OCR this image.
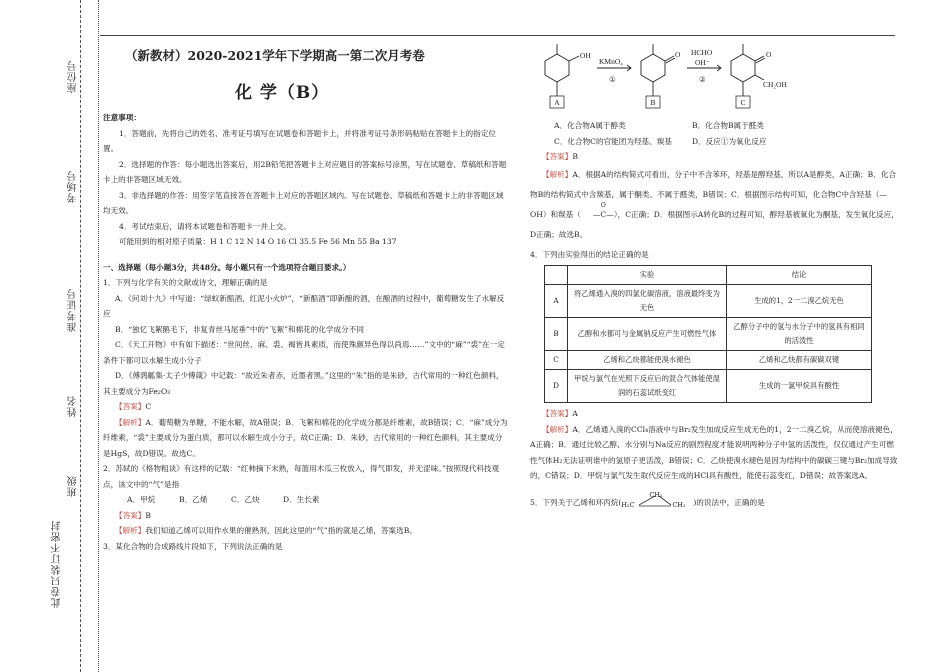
座位号
考场号
准考证号
姓名
班级
此卷只装订不密封
（新教材）2020-2021学年下学期高一第二次月考卷
化 学（B）

注意事项：

1．答题前，先将自己的姓名、准考证号填写在试题卷和答题卡上，并将准考证号条形码粘贴在答题卡上的指定位置。

2．选择题的作答：每小题选出答案后，用2B铅笔把答题卡上对应题目的答案标号涂黑，写在试题卷、草稿纸和答题卡上的非答题区域无效。

3．非选择题的作答：用签字笔直接答在答题卡上对应的答题区域内。写在试题卷、草稿纸和答题卡上的非答题区域均无效。

4．考试结束后，请将本试题卷和答题卡一并上交。

可能用到的相对原子质量：H 1 C 12 N 14 O 16 Cl 35.5 Fe 56 Mn 55 Ba 137

一、选择题（每小题3分，共48分。每小题只有一个选项符合题目要求。）

1．下列与化学有关的文献或诗文，理解正确的是

A．《问刘十九》中写道：“绿蚁新醅酒，红泥小火炉”，“新醅酒”即新酿的酒，在酿酒的过程中，葡萄糖发生了水解反应

B．“独忆飞絮鹅毛下，非复青丝马尾垂”中的“飞絮”和棉花的化学成分不同

C．《天工开物》中有如下描述：“世间丝、麻、裘、褐皆具素质，而使殊颜异色得以尚焉……”文中的“麻”“裘”在一定条件下都可以水解生成小分子

D．《傅鹑觚集·太子少傅箴》中记载：“故近朱者赤，近墨者黑。”这里的“朱”指的是朱砂，古代常用的一种红色颜料，其主要成分为Fe₂O₃

【答案】C

【解析】A．葡萄糖为单糖，不能水解，故A错误；B．飞絮和棉花的化学成分都是纤维素，故B错误；C．“麻”成分为纤维素，“裘”主要成分为蛋白质，都可以水解生成小分子，故C正确；D．朱砂，古代常用的一种红色颜料，其主要成分是HgS，故D错误。故选C。

2．苏轼的《格物粗谈》有这样的记载：“红柿摘下未熟，每篮用木瓜三枚放入，得气即发，并无涩味。”按照现代科技观点，该文中的“气”是指

A．甲烷	B．乙烯	C．乙炔	D．生长素

【答案】B

【解析】我们知道乙烯可以用作水果的催熟剂，因此这里的“气”指的就是乙烯，答案选B。

3．某化合物的合成路线片段如下，下列说法正确的是

OH	O	O
CH₂OH
KMnO₄
①
HCHO
OH⁻
②
A	B	C

A．化合物A属于醇类	B．化合物B属于醛类

C．化合物C的官能团为羟基、羰基	D．反应①为氧化反应

【答案】B

【解析】A．根据A的结构简式可看出，分子中不含苯环，羟基是醇羟基，所以A是醇类，A正确；B．化合物B的结构简式中含羰基，属于酮类、不属于醛类，B错误；C．根据图示结构可知，化合物C中含羟基（—OH）和羰基（
O
—C—），C正确；D．根据图示A转化B的过程可知，醇羟基被氧化为酮基，发生氧化反应，D正确；故选B。

4．下列由实验得出的结论正确的是

	实验	结论
A	将乙烯通入溴的四氯化碳溶液，溶液最终变为无色	生成的1，2一二溴乙烷无色
B	乙醇和水都可与金属钠反应产生可燃性气体	乙醇分子中的氢与水分子中的氢具有相同的活泼性
C	乙烯和乙炔都能使溴水褪色	乙烯和乙炔都有碳碳双键
D	甲烷与氯气在光照下反应后的混合气体能使湿润的石蕊试纸变红	生成的一氯甲烷具有酸性

【答案】A

【解析】A．乙烯通入溴的CCl₄溶液中与Br₂发生加成反应生成无色的1，2一二溴乙烷，从而使溶液褪色，A正确；B．通过比较乙醇、水分别与Na反应的剧烈程度才能说明两种分子中氢的活泼性，仅仅通过产生可燃性气体H₂无法证明谁中的氢原子更活泼，B错误；C．乙炔使溴水褪色是因为结构中的碳碳三键与Br₂加成导致的，C错误；D．甲烷与氯气发生取代反应生成的HCl具有酸性，能使石蕊变红，D错误；故答案选A。

5．下列关于乙烯和环丙烷(
CH₂
H₂C	CH₂ )的说法中，正确的是
